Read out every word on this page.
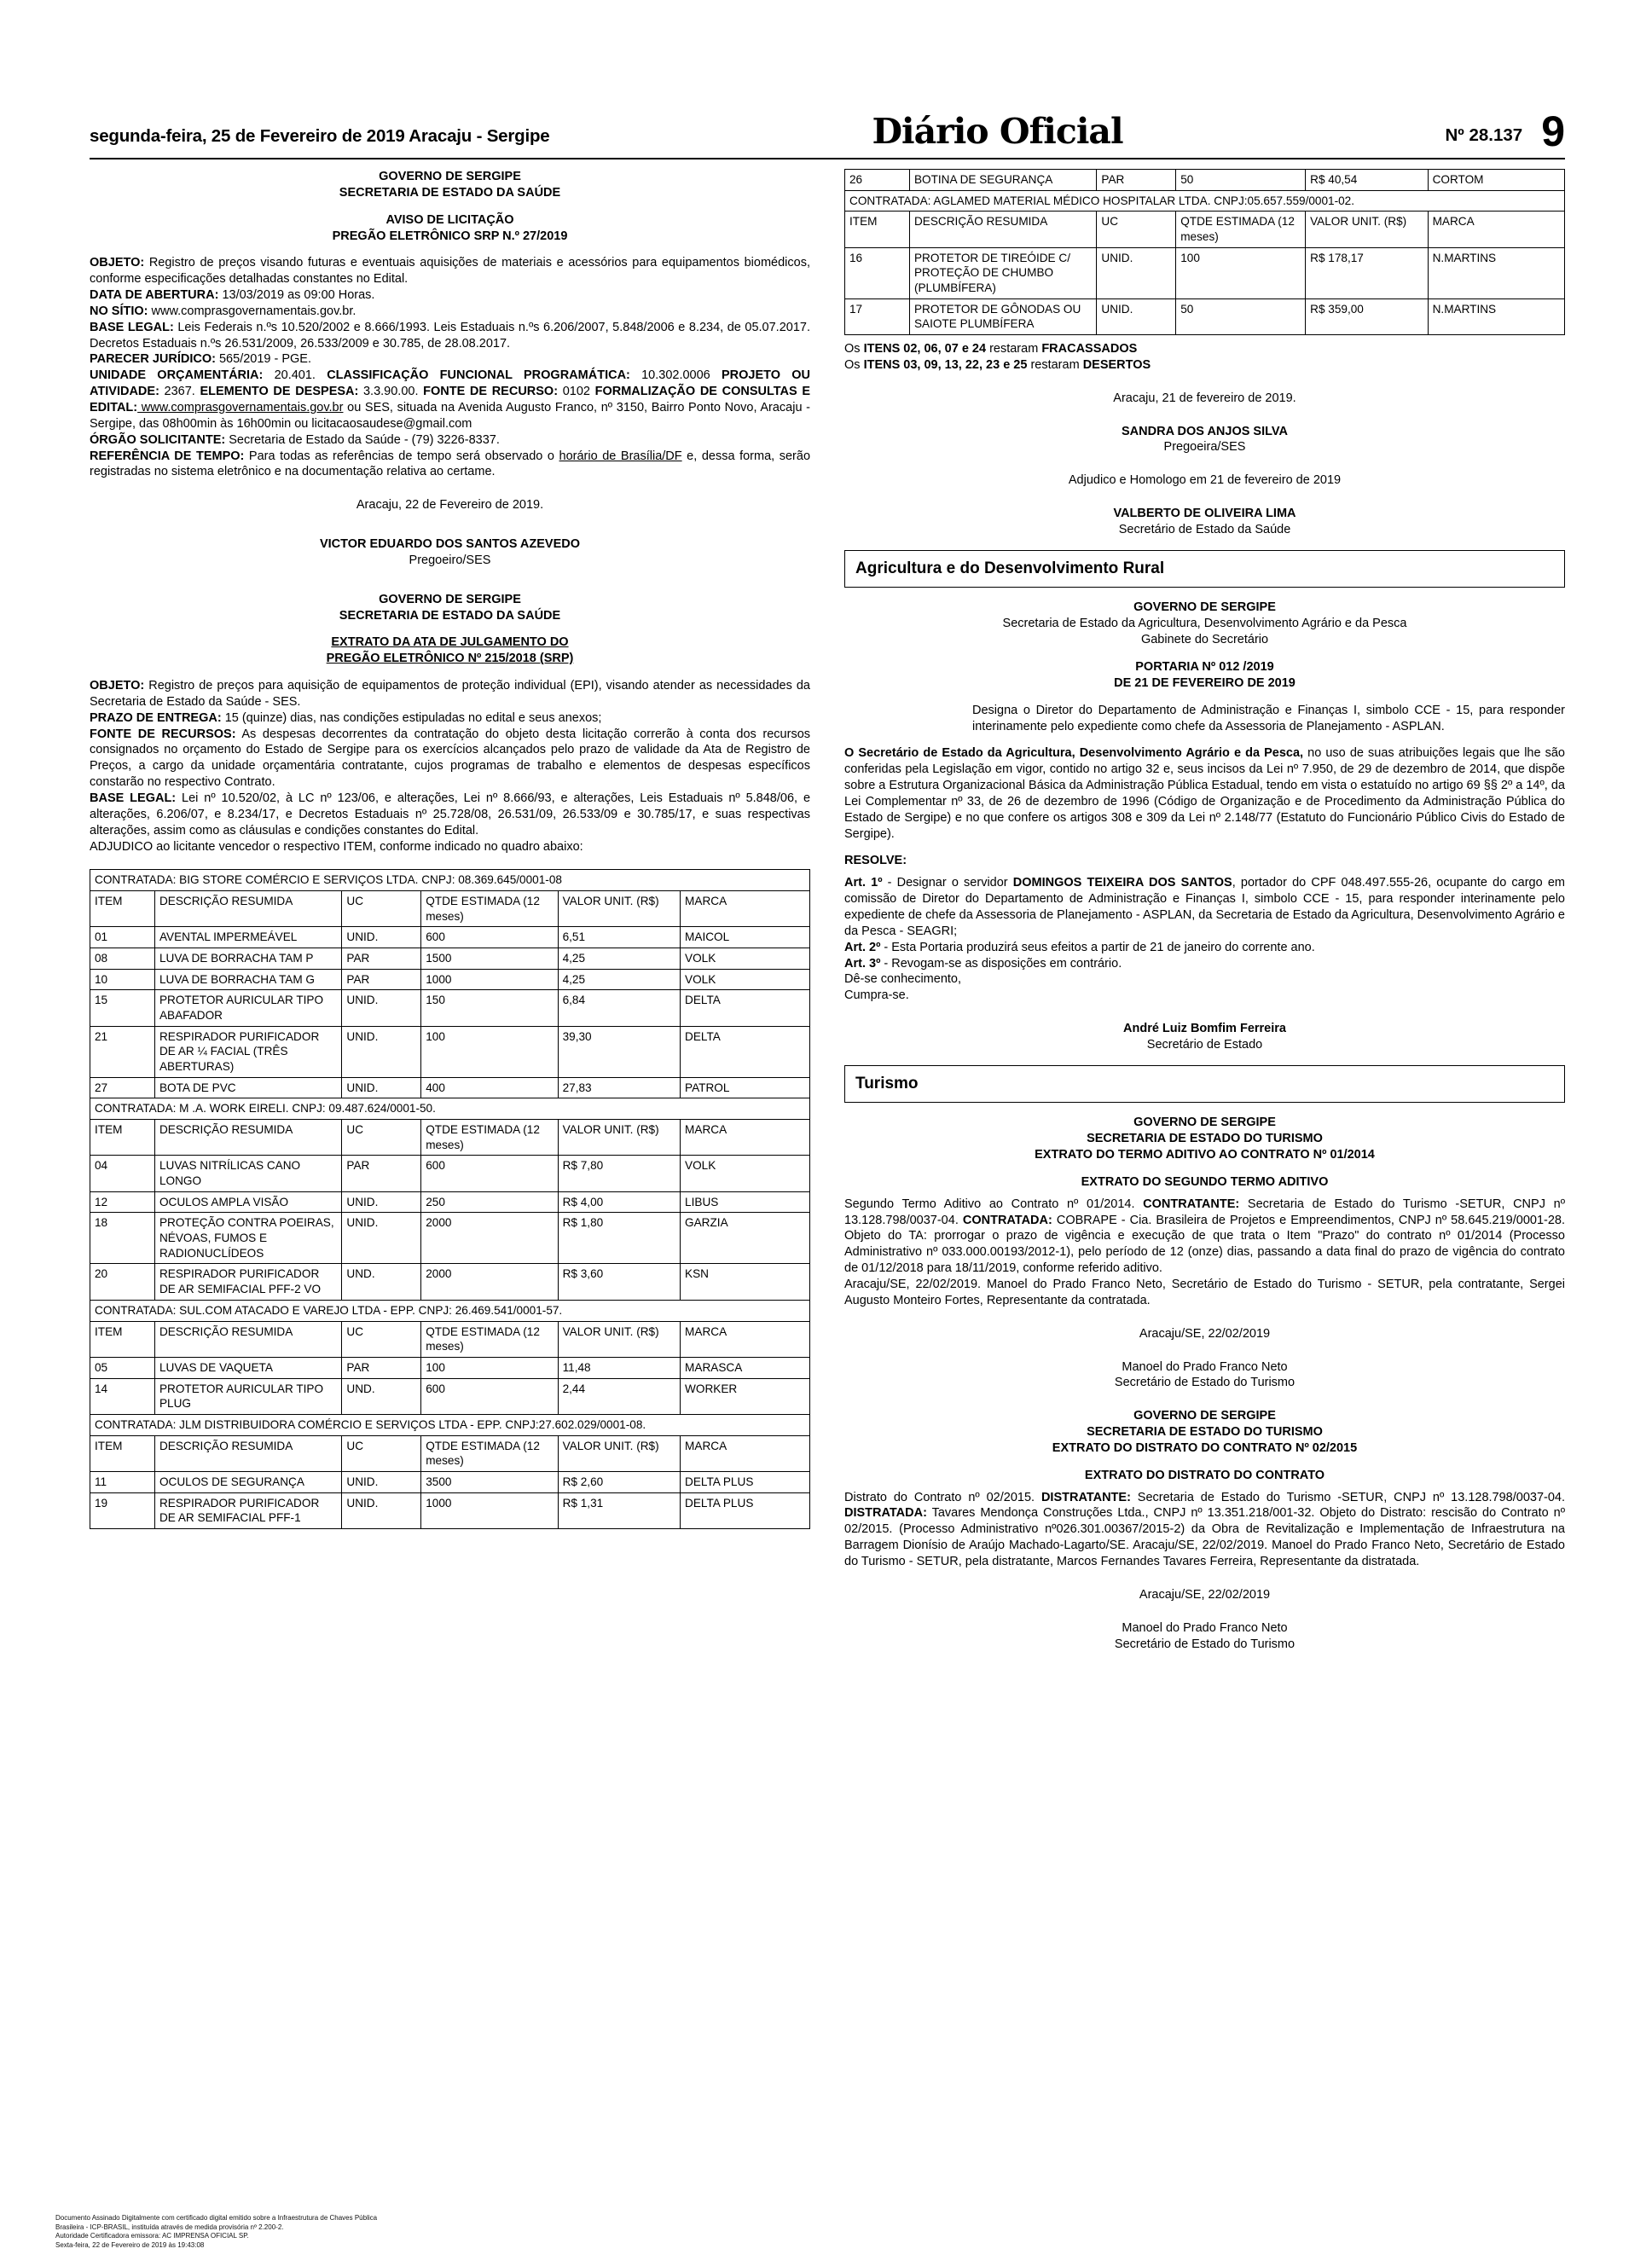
segunda-feira, 25 de Fevereiro de 2019 Aracaju - Sergipe	Diário Oficial	Nº 28.137 9

GOVERNO DE SERGIPE

SECRETARIA DE ESTADO DA SAÚDE

AVISO DE LICITAÇÃO

PREGÃO ELETRÔNICO SRP N.º 27/2019

OBJETO: Registro de preços visando futuras e eventuais aquisições de materiais e acessórios para equipamentos biomédicos, conforme especificações detalhadas constantes no Edital.

DATA DE ABERTURA: 13/03/2019 as 09:00 Horas.

NO SÍTIO: www.comprasgovernamentais.gov.br.

BASE LEGAL: Leis Federais n.ºs 10.520/2002 e 8.666/1993. Leis Estaduais n.ºs 6.206/2007, 5.848/2006 e 8.234, de 05.07.2017. Decretos Estaduais n.ºs 26.531/2009, 26.533/2009 e 30.785, de 28.08.2017.

PARECER JURÍDICO: 565/2019 - PGE.

UNIDADE ORÇAMENTÁRIA: 20.401. CLASSIFICAÇÃO FUNCIONAL PROGRAMÁTICA: 10.302.0006 PROJETO OU ATIVIDADE: 2367. ELEMENTO DE DESPESA: 3.3.90.00. FONTE DE RECURSO: 0102 FORMALIZAÇÃO DE CONSULTAS E EDITAL: www.comprasgovernamentais.gov.br ou SES, situada na Avenida Augusto Franco, nº 3150, Bairro Ponto Novo, Aracaju -Sergipe, das 08h00min às 16h00min ou licitacaosaudese@gmail.com

ÓRGÃO SOLICITANTE: Secretaria de Estado da Saúde - (79) 3226-8337.

REFERÊNCIA DE TEMPO: Para todas as referências de tempo será observado o horário de Brasília/DF e, dessa forma, serão registradas no sistema eletrônico e na documentação relativa ao certame.

Aracaju, 22 de Fevereiro de 2019.

VICTOR EDUARDO DOS SANTOS AZEVEDO

Pregoeiro/SES

GOVERNO DE SERGIPE

SECRETARIA DE ESTADO DA SAÚDE

EXTRATO DA ATA DE JULGAMENTO DO

PREGÃO ELETRÔNICO Nº 215/2018 (SRP)

OBJETO: Registro de preços para aquisição de equipamentos de proteção individual (EPI), visando atender as necessidades da Secretaria de Estado da Saúde - SES.

PRAZO DE ENTREGA: 15 (quinze) dias, nas condições estipuladas no edital e seus anexos;

FONTE DE RECURSOS: As despesas decorrentes da contratação do objeto desta licitação correrão à conta dos recursos consignados no orçamento do Estado de Sergipe para os exercícios alcançados pelo prazo de validade da Ata de Registro de Preços, a cargo da unidade orçamentária contratante, cujos programas de trabalho e elementos de despesas específicos constarão no respectivo Contrato.

BASE LEGAL: Lei nº 10.520/02, à LC nº 123/06, e alterações, Lei nº 8.666/93, e alterações, Leis Estaduais nº 5.848/06, e alterações, 6.206/07, e 8.234/17, e Decretos Estaduais nº 25.728/08, 26.531/09, 26.533/09 e 30.785/17, e suas respectivas alterações, assim como as cláusulas e condições constantes do Edital.

ADJUDICO ao licitante vencedor o respectivo ITEM, conforme indicado no quadro abaixo:

CONTRATADA: BIG STORE COMÉRCIO E SERVIÇOS LTDA. CNPJ: 08.369.645/0001-08					
ITEM	DESCRIÇÃO RESUMIDA	UC	QTDE ESTIMADA (12 meses)	VALOR UNIT. (R$)	MARCA
01	AVENTAL IMPERMEÁVEL	UNID.	600	6,51	MAICOL
08	LUVA DE BORRACHA TAM P	PAR	1500	4,25	VOLK
10	LUVA DE BORRACHA TAM G	PAR	1000	4,25	VOLK
15	PROTETOR AURICULAR TIPO ABAFADOR	UNID.	150	6,84	DELTA
21	RESPIRADOR PURIFICADOR DE AR ¼ FACIAL (TRÊS ABERTURAS)	UNID.	100	39,30	DELTA
27	BOTA DE PVC	UNID.	400	27,83	PATROL
CONTRATADA: M .A. WORK EIRELI. CNPJ: 09.487.624/0001-50.					
ITEM	DESCRIÇÃO RESUMIDA	UC	QTDE ESTIMADA (12 meses)	VALOR UNIT. (R$)	MARCA
04	LUVAS NITRÍLICAS CANO LONGO	PAR	600	R$ 7,80	VOLK
12	OCULOS AMPLA VISÃO	UNID.	250	R$ 4,00	LIBUS
18	PROTEÇÃO CONTRA POEIRAS, NÉVOAS, FUMOS E RADIONUCLÍDEOS	UNID.	2000	R$ 1,80	GARZIA
20	RESPIRADOR PURIFICADOR DE AR SEMIFACIAL PFF-2 VO	UND.	2000	R$ 3,60	KSN
CONTRATADA: SUL.COM ATACADO E VAREJO LTDA - EPP. CNPJ: 26.469.541/0001-57.					
ITEM	DESCRIÇÃO RESUMIDA	UC	QTDE ESTIMADA (12 meses)	VALOR UNIT. (R$)	MARCA
05	LUVAS DE VAQUETA	PAR	100	11,48	MARASCA
14	PROTETOR AURICULAR TIPO PLUG	UND.	600	2,44	WORKER
CONTRATADA: JLM DISTRIBUIDORA COMÉRCIO E SERVIÇOS LTDA - EPP. CNPJ:27.602.029/0001-08.					
ITEM	DESCRIÇÃO RESUMIDA	UC	QTDE ESTIMADA (12 meses)	VALOR UNIT. (R$)	MARCA
11	OCULOS DE SEGURANÇA	UNID.	3500	R$ 2,60	DELTA PLUS
19	RESPIRADOR PURIFICADOR DE AR SEMIFACIAL PFF-1	UNID.	1000	R$ 1,31	DELTA PLUS
26	BOTINA DE SEGURANÇA	PAR	50	R$ 40,54	CORTOM
CONTRATADA: AGLAMED MATERIAL MÉDICO HOSPITALAR LTDA. CNPJ:05.657.559/0001-02.					
ITEM	DESCRIÇÃO RESUMIDA	UC	QTDE ESTIMADA (12 meses)	VALOR UNIT. (R$)	MARCA
16	PROTETOR DE TIREÓIDE C/ PROTEÇÃO DE CHUMBO (PLUMBÍFERA)	UNID.	100	R$ 178,17	N.MARTINS
17	PROTETOR DE GÔNODAS OU SAIOTE PLUMBÍFERA	UNID.	50	R$ 359,00	N.MARTINS

Os ITENS 02, 06, 07 e 24 restaram FRACASSADOS

Os ITENS 03, 09, 13, 22, 23 e 25 restaram DESERTOS

Aracaju, 21 de fevereiro de 2019.

SANDRA DOS ANJOS SILVA

Pregoeira/SES

Adjudico e Homologo em 21 de fevereiro de 2019

VALBERTO DE OLIVEIRA LIMA

Secretário de Estado da Saúde

Agricultura e do Desenvolvimento Rural

GOVERNO DE SERGIPE

Secretaria de Estado da Agricultura, Desenvolvimento Agrário e da Pesca

Gabinete do Secretário

PORTARIA Nº 012 /2019

DE 21 DE FEVEREIRO DE 2019

Designa o Diretor do Departamento de Administração e Finanças I, simbolo CCE - 15, para responder interinamente pelo expediente como chefe da Assessoria de Planejamento - ASPLAN.

O Secretário de Estado da Agricultura, Desenvolvimento Agrário e da Pesca, no uso de suas atribuições legais que lhe são conferidas pela Legislação em vigor, contido no artigo 32 e, seus incisos da Lei nº 7.950, de 29 de dezembro de 2014, que dispõe sobre a Estrutura Organizacional Básica da Administração Pública Estadual, tendo em vista o estatuído no artigo 69 §§ 2º a 14º, da Lei Complementar nº 33, de 26 de dezembro de 1996 (Código de Organização e de Procedimento da Administração Pública do Estado de Sergipe) e no que confere os artigos 308 e 309 da Lei nº 2.148/77 (Estatuto do Funcionário Público Civis do Estado de Sergipe).

RESOLVE:

Art. 1º - Designar o servidor DOMINGOS TEIXEIRA DOS SANTOS, portador do CPF 048.497.555-26, ocupante do cargo em comissão de Diretor do Departamento de Administração e Finanças I, simbolo CCE - 15, para responder interinamente pelo expediente de chefe da Assessoria de Planejamento - ASPLAN, da Secretaria de Estado da Agricultura, Desenvolvimento Agrário e da Pesca - SEAGRI;

Art. 2º - Esta Portaria produzirá seus efeitos a partir de 21 de janeiro do corrente ano.

Art. 3º - Revogam-se as disposições em contrário.

Dê-se conhecimento,

Cumpra-se.

André Luiz Bomfim Ferreira

Secretário de Estado

Turismo

GOVERNO DE SERGIPE

SECRETARIA DE ESTADO DO TURISMO

EXTRATO DO TERMO ADITIVO AO CONTRATO Nº 01/2014

EXTRATO DO SEGUNDO TERMO ADITIVO

Segundo Termo Aditivo ao Contrato nº 01/2014. CONTRATANTE: Secretaria de Estado do Turismo -SETUR, CNPJ nº 13.128.798/0037-04. CONTRATADA: COBRAPE - Cia. Brasileira de Projetos e Empreendimentos, CNPJ nº 58.645.219/0001-28. Objeto do TA: prorrogar o prazo de vigência e execução de que trata o Item "Prazo" do contrato nº 01/2014 (Processo Administrativo nº 033.000.00193/2012-1), pelo período de 12 (onze) dias, passando a data final do prazo de vigência do contrato de 01/12/2018 para 18/11/2019, conforme referido aditivo.

Aracaju/SE, 22/02/2019. Manoel do Prado Franco Neto, Secretário de Estado do Turismo - SETUR, pela contratante, Sergei Augusto Monteiro Fortes, Representante da contratada.

Aracaju/SE, 22/02/2019

Manoel do Prado Franco Neto

Secretário de Estado do Turismo

GOVERNO DE SERGIPE

SECRETARIA DE ESTADO DO TURISMO

EXTRATO DO DISTRATO DO CONTRATO Nº 02/2015

EXTRATO DO DISTRATO DO CONTRATO

Distrato do Contrato nº 02/2015. DISTRATANTE: Secretaria de Estado do Turismo -SETUR, CNPJ nº 13.128.798/0037-04. DISTRATADA: Tavares Mendonça Construções Ltda., CNPJ nº 13.351.218/001-32. Objeto do Distrato: rescisão do Contrato nº 02/2015. (Processo Administrativo nº026.301.00367/2015-2) da Obra de Revitalização e Implementação de Infraestrutura na Barragem Dionísio de Araújo Machado-Lagarto/SE. Aracaju/SE, 22/02/2019. Manoel do Prado Franco Neto, Secretário de Estado do Turismo - SETUR, pela distratante, Marcos Fernandes Tavares Ferreira, Representante da distratada.

Aracaju/SE, 22/02/2019

Manoel do Prado Franco Neto

Secretário de Estado do Turismo

Documento Assinado Digitalmente com certificado digital emitido sobre a Infraestrutura de Chaves Pública
Brasileira - ICP-BRASIL, instituída através de medida provisória nº 2.200-2.
Autoridade Certificadora emissora: AC IMPRENSA OFICIAL SP.
Sexta-feira, 22 de Fevereiro de 2019 às 19:43:08
